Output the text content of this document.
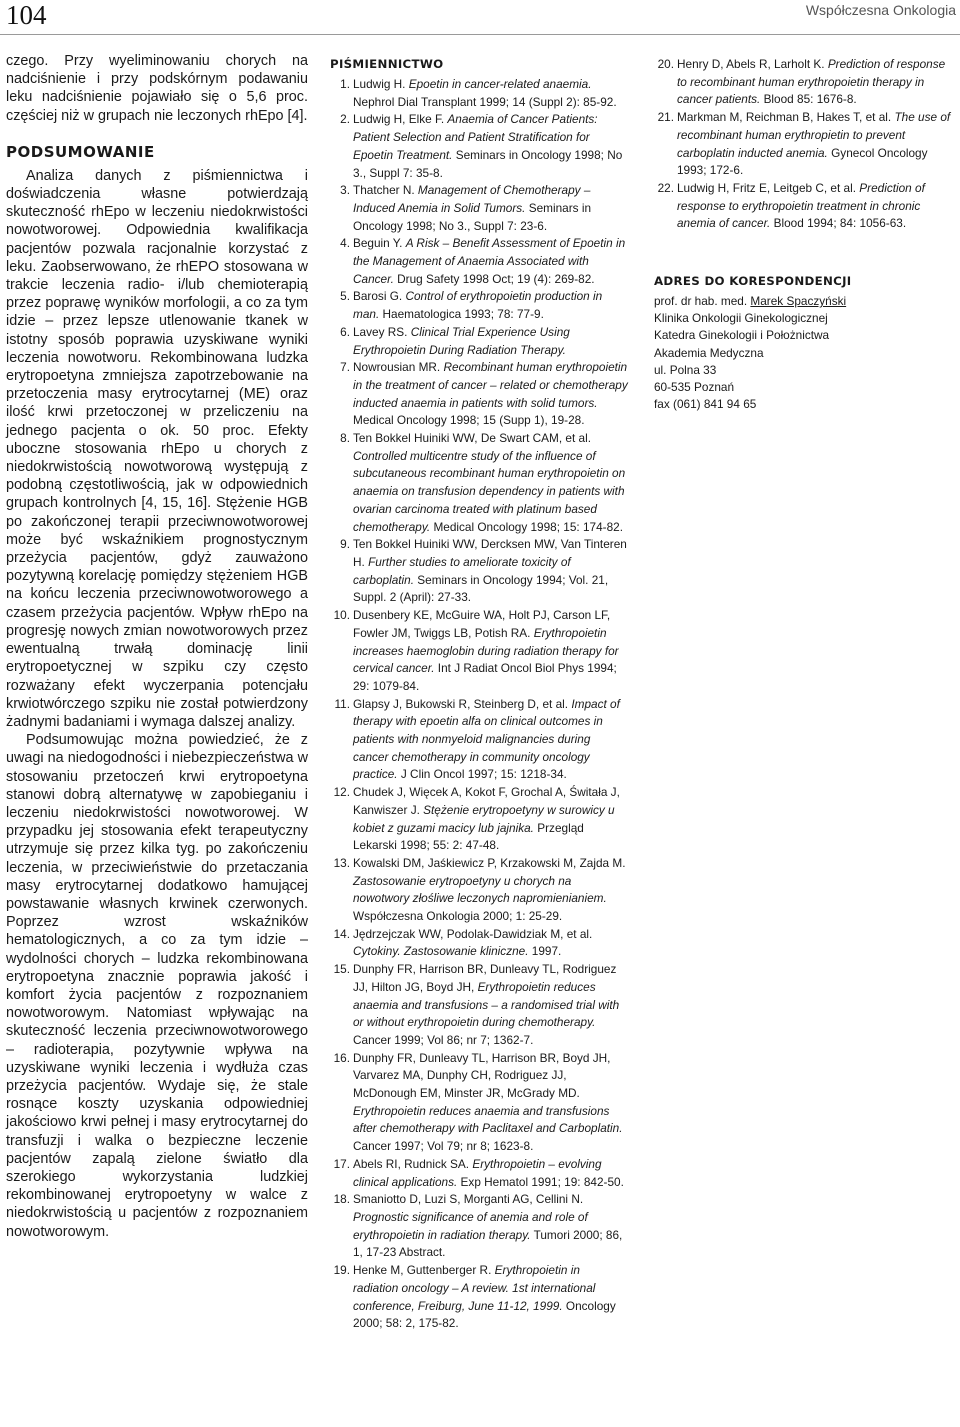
104	Współczesna Onkologia

czego. Przy wyeliminowaniu chorych na nadciśnienie i przy podskórnym podawaniu leku nadciśnienie pojawiało się o 5,6 proc. częściej niż w grupach nie leczonych rhEpo [4].

PODSUMOWANIE

Analiza danych z piśmiennictwa i doświadczenia własne potwierdzają skuteczność rhEpo w leczeniu niedokrwistości nowotworowej. Odpowiednia kwalifikacja pacjentów pozwala racjonalnie korzystać z leku. Zaobserwowano, że rhEPO stosowana w trakcie leczenia radio- i/lub chemioterapią przez poprawę wyników morfologii, a co za tym idzie – przez lepsze utlenowanie tkanek w istotny sposób poprawia uzyskiwane wyniki leczenia nowotworu. Rekombinowana ludzka erytropoetyna zmniejsza zapotrzebowanie na przetoczenia masy erytrocytarnej (ME) oraz ilość krwi przetoczonej w przeliczeniu na jednego pacjenta o ok. 50 proc. Efekty uboczne stosowania rhEpo u chorych z niedokrwistością nowotworową występują z podobną częstotliwością, jak w odpowiednich grupach kontrolnych [4, 15, 16]. Stężenie HGB po zakończonej terapii przeciwnowotworowej może być wskaźnikiem prognostycznym przeżycia pacjentów, gdyż zauważono pozytywną korelację pomiędzy stężeniem HGB na końcu leczenia przeciwnowotworowego a czasem przeżycia pacjentów. Wpływ rhEpo na progresję nowych zmian nowotworowych przez ewentualną trwałą dominację linii erytropoetycznej w szpiku czy często rozważany efekt wyczerpania potencjału krwiotwórczego szpiku nie został potwierdzony żadnymi badaniami i wymaga dalszej analizy.

Podsumowując można powiedzieć, że z uwagi na niedogodności i niebezpieczeństwa w stosowaniu przetoczeń krwi erytropoetyna stanowi dobrą alternatywę w zapobieganiu i leczeniu niedokrwistości nowotworowej. W przypadku jej stosowania efekt terapeutyczny utrzymuje się przez kilka tyg. po zakończeniu leczenia, w przeciwieństwie do przetaczania masy erytrocytarnej dodatkowo hamującej powstawanie własnych krwinek czerwonych. Poprzez wzrost wskaźników hematologicznych, a co za tym idzie – wydolności chorych – ludzka rekombinowana erytropoetyna znacznie poprawia jakość i komfort życia pacjentów z rozpoznaniem nowotworowym. Natomiast wpływając na skuteczność leczenia przeciwnowotworowego – radioterapia, pozytywnie wpływa na uzyskiwane wyniki leczenia i wydłuża czas przeżycia pacjentów. Wydaje się, że stale rosnące koszty uzyskania odpowiedniej jakościowo krwi pełnej i masy erytrocytarnej do transfuzji i walka o bezpieczne leczenie pacjentów zapalą zielone światło dla szerokiego wykorzystania ludzkiej rekombinowanej erytropoetyny w walce z niedokrwistością u pacjentów z rozpoznaniem nowotworowym.

PIŚMIENNICTWO
1. Ludwig H. Epoetin in cancer-related anaemia. Nephrol Dial Transplant 1999; 14 (Suppl 2): 85-92.
2. Ludwig H, Elke F. Anaemia of Cancer Patients: Patient Selection and Patient Stratification for Epoetin Treatment. Seminars in Oncology 1998; No 3., Suppl 7: 35-8.
3. Thatcher N. Management of Chemotherapy – Induced Anemia in Solid Tumors. Seminars in Oncology 1998; No 3., Suppl 7: 23-6.
4. Beguin Y. A Risk – Benefit Assessment of Epoetin in the Management of Anaemia Associated with Cancer. Drug Safety 1998 Oct; 19 (4): 269-82.
5. Barosi G. Control of erythropoietin production in man. Haematologica 1993; 78: 77-9.
6. Lavey RS. Clinical Trial Experience Using Erythropoietin During Radiation Therapy.
7. Nowrousian MR. Recombinant human erythropoietin in the treatment of cancer – related or chemotherapy inducted anaemia in patients with solid tumors. Medical Oncology 1998; 15 (Supp 1), 19-28.
8. Ten Bokkel Huiniki WW, De Swart CAM, et al. Controlled multicentre study of the influence of subcutaneous recombinant human erythropoietin on anaemia on transfusion dependency in patients with ovarian carcinoma treated with platinum based chemotherapy. Medical Oncology 1998; 15: 174-82.
9. Ten Bokkel Huiniki WW, Dercksen MW, Van Tinteren H. Further studies to ameliorate toxicity of carboplatin. Seminars in Oncology 1994; Vol. 21, Suppl. 2 (April): 27-33.
10. Dusenbery KE, McGuire WA, Holt PJ, Carson LF, Fowler JM, Twiggs LB, Potish RA. Erythropoietin increases haemoglobin during radiation therapy for cervical cancer. Int J Radiat Oncol Biol Phys 1994; 29: 1079-84.
11. Glapsy J, Bukowski R, Steinberg D, et al. Impact of therapy with epoetin alfa on clinical outcomes in patients with nonmyeloid malignancies during cancer chemotherapy in community oncology practice. J Clin Oncol 1997; 15: 1218-34.
12. Chudek J, Więcek A, Kokot F, Grochal A, Świtała J, Kanwiszer J. Stężenie erytropoetyny w surowicy u kobiet z guzami macicy lub jajnika. Przegląd Lekarski 1998; 55: 2: 47-48.
13. Kowalski DM, Jaśkiewicz P, Krzakowski M, Zajda M. Zastosowanie erytropoetyny u chorych na nowotwory złośliwe leczonych napromienianiem. Współczesna Onkologia 2000; 1: 25-29.
14. Jędrzejczak WW, Podolak-Dawidziak M, et al. Cytokiny. Zastosowanie kliniczne. 1997.
15. Dunphy FR, Harrison BR, Dunleavy TL, Rodriguez JJ, Hilton JG, Boyd JH, Erythropoietin reduces anaemia and transfusions – a randomised trial with or without erythropoietin during chemotherapy. Cancer 1999; Vol 86; nr 7; 1362-7.
16. Dunphy FR, Dunleavy TL, Harrison BR, Boyd JH, Varvarez MA, Dunphy CH, Rodriguez JJ, McDonough EM, Minster JR, McGrady MD. Erythropoietin reduces anaemia and transfusions after chemotherapy with Paclitaxel and Carboplatin. Cancer 1997; Vol 79; nr 8; 1623-8.
17. Abels RI, Rudnick SA. Erythropoietin – evolving clinical applications. Exp Hematol 1991; 19: 842-50.
18. Smaniotto D, Luzi S, Morganti AG, Cellini N. Prognostic significance of anemia and role of erythropoietin in radiation therapy. Tumori 2000; 86, 1, 17-23 Abstract.
19. Henke M, Guttenberger R. Erythropoietin in radiation oncology – A review. 1st international conference, Freiburg, June 11-12, 1999. Oncology 2000; 58: 2, 175-82.
20. Henry D, Abels R, Larholt K. Prediction of response to recombinant human erythropoietin therapy in cancer patients. Blood 85: 1676-8.
21. Markman M, Reichman B, Hakes T, et al. The use of recombinant human erythropietin to prevent carboplatin inducted anemia. Gynecol Oncology 1993; 172-6.
22. Ludwig H, Fritz E, Leitgeb C, et al. Prediction of response to erythropoietin treatment in chronic anemia of cancer. Blood 1994; 84: 1056-63.
ADRES DO KORESPONDENCJI

prof. dr hab. med. Marek Spaczyński

Klinika Onkologii Ginekologicznej

Katedra Ginekologii i Położnictwa

Akademia Medyczna

ul. Polna 33

60-535 Poznań

fax (061) 841 94 65
